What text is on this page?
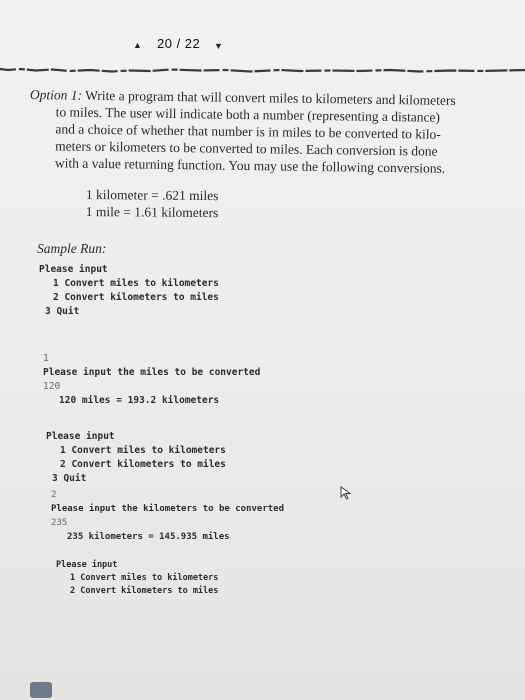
▲ 20 / 22 ▼
Option 1: Write a program that will convert miles to kilometers and kilometers
to miles. The user will indicate both a number (representing a distance)
and a choice of whether that number is in miles to be converted to kilo-
meters or kilometers to be converted to miles. Each conversion is done
with a value returning function. You may use the following conversions.
1 kilometer = .621 miles
1 mile = 1.61 kilometers
Sample Run:
Please input
1 Convert miles to kilometers
2 Convert kilometers to miles
3 Quit
1
Please input the miles to be converted
120
120 miles = 193.2 kilometers
Please input
1 Convert miles to kilometers
2 Convert kilometers to miles
3 Quit
2
Please input the kilometers to be converted
235
235 kilometers = 145.935 miles
Please input
1 Convert miles to kilometers
2 Convert kilometers to miles
